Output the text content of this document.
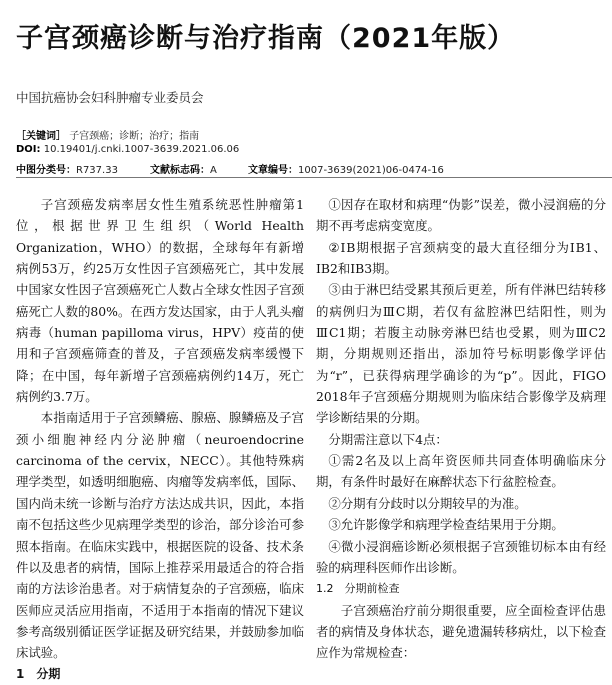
子宫颈癌诊断与治疗指南（2021年版）
中国抗癌协会妇科肿瘤专业委员会
［关键词］ 子宫颈癌；诊断；治疗；指南
DOI: 10.19401/j.cnki.1007-3639.2021.06.06
中图分类号：R737.33	文献标志码：A	文章编号：1007-3639(2021)06-0474-16

子宫颈癌发病率居女性生殖系统恶性肿瘤第1位，根据世界卫生组织（World Health Organization，WHO）的数据，全球每年有新增病例53万，约25万女性因子宫颈癌死亡，其中发展中国家女性因子宫颈癌死亡人数占全球女性因子宫颈癌死亡人数的80%。在西方发达国家，由于人乳头瘤病毒（human papilloma virus，HPV）疫苗的使用和子宫颈癌筛查的普及，子宫颈癌发病率缓慢下降；在中国，每年新增子宫颈癌病例约14万，死亡病例约3.7万。

本指南适用于子宫颈鳞癌、腺癌、腺鳞癌及子宫颈小细胞神经内分泌肿瘤（neuroendocrine carcinoma of the cervix，NECC）。其他特殊病理学类型，如透明细胞癌、肉瘤等发病率低，国际、国内尚未统一诊断与治疗方法达成共识，因此，本指南不包括这些少见病理学类型的诊治，部分诊治可参照本指南。在临床实践中，根据医院的设备、技术条件以及患者的病情，国际上推荐采用最适合的符合指南的方法诊治患者。对于病情复杂的子宫颈癌，临床医师应灵活应用指南，不适用于本指南的情况下建议参考高级别循证医学证据及研究结果，并鼓励参加临床试验。

1　分期

①因存在取材和病理“伪影”误差，微小浸润癌的分期不再考虑病变宽度。

②ⅠB期根据子宫颈病变的最大直径细分为ⅠB1、ⅠB2和ⅠB3期。

③由于淋巴结受累其预后更差，所有伴淋巴结转移的病例归为ⅢC期，若仅有盆腔淋巴结阳性，则为ⅢC1期；若腹主动脉旁淋巴结也受累，则为ⅢC2期，分期规则还指出，添加符号标明影像学评估为“r”，已获得病理学确诊的为“p”。因此，FIGO 2018年子宫颈癌分期规则为临床结合影像学及病理学诊断结果的分期。

分期需注意以下4点：

①需2名及以上高年资医师共同查体明确临床分期，有条件时最好在麻醉状态下行盆腔检查。

②分期有分歧时以分期较早的为准。

③允许影像学和病理学检查结果用于分期。

④微小浸润癌诊断必须根据子宫颈锥切标本由有经验的病理科医师作出诊断。

1.2　分期前检查

子宫颈癌治疗前分期很重要，应全面检查评估患者的病情及身体状态，避免遗漏转移病灶，以下检查应作为常规检查：
